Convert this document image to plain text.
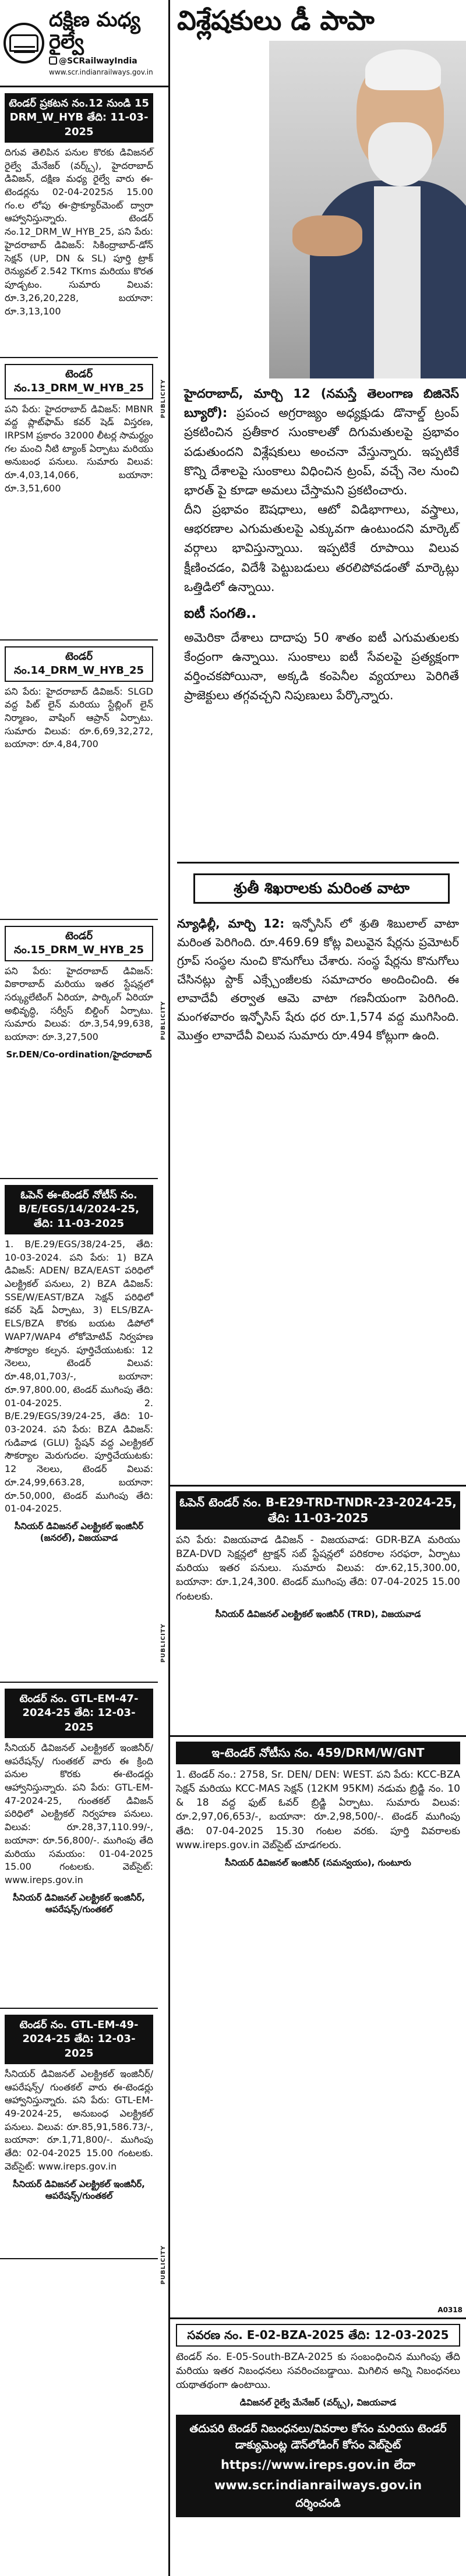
దక్షిణ మధ్య రైల్వే
@SCRailwayIndia
www.scr.indianrailways.gov.in
PUBLICITY
PUBLICITY
PUBLICITY
PUBLICITY
టెండర్ ప్రకటన నం.12 నుండి 15 DRM_W_HYB తేది: 11-03-2025
దిగువ తెలిపిన పనుల కొరకు డివిజనల్ రైల్వే మేనేజర్ (వర్క్స్), హైదరాబాద్ డివిజన్, దక్షిణ మధ్య రైల్వే వారు ఈ-టెండర్లను 02-04-2025న 15.00 గం.ల లోపు ఈ-ప్రొక్యూర్‌మెంట్ ద్వారా ఆహ్వానిస్తున్నారు. టెండర్ నం.12_DRM_W_HYB_25, పని పేరు: హైదరాబాద్ డివిజన్: సికింద్రాబాద్-డోన్ సెక్షన్ (UP, DN & SL) పూర్తి ట్రాక్ రెన్యువల్ 2.542 TKms మరియు కొరత పూడ్చటం. సుమారు విలువ: రూ.3,26,20,228, బయానా: రూ.3,13,100
టెండర్ నం.13_DRM_W_HYB_25
పని పేరు: హైదరాబాద్ డివిజన్: MBNR వద్ద ప్లాట్‌ఫామ్ కవర్ షెడ్ విస్తరణ, IRPSM ప్రకారం 32000 లీటర్ల సామర్థ్యం గల మంచి నీటి ట్యాంక్ ఏర్పాటు మరియు అనుబంధ పనులు. సుమారు విలువ: రూ.4,03,14,066, బయానా: రూ.3,51,600
టెండర్ నం.14_DRM_W_HYB_25
పని పేరు: హైదరాబాద్ డివిజన్: SLGD వద్ద పిట్ లైన్ మరియు స్టేబ్లింగ్ లైన్ నిర్మాణం, వాషింగ్ ఆప్రాన్ ఏర్పాటు. సుమారు విలువ: రూ.6,69,32,272, బయానా: రూ.4,84,700
టెండర్ నం.15_DRM_W_HYB_25
పని పేరు: హైదరాబాద్ డివిజన్: వికారాబాద్ మరియు ఇతర స్టేషన్లలో సర్క్యులేటింగ్ ఏరియా, పార్కింగ్ ఏరియా అభివృద్ధి, సర్వీస్ బిల్డింగ్ ఏర్పాటు. సుమారు విలువ: రూ.3,54,99,638, బయానా: రూ.3,27,500
Sr.DEN/Co-ordination/హైదరాబాద్
ఓపెన్ ఈ-టెండర్ నోటీస్ నం. B/E/EGS/14/2024-25, తేది: 11-03-2025
1. B/E.29/EGS/38/24-25, తేది: 10-03-2024. పని పేరు: 1) BZA డివిజన్: ADEN/ BZA/EAST పరిధిలో ఎలక్ట్రికల్ పనులు, 2) BZA డివిజన్: SSE/W/EAST/BZA సెక్షన్ పరిధిలో కవర్ షెడ్ ఏర్పాటు, 3) ELS/BZA-ELS/BZA కొరకు బయట డిపోలో WAP7/WAP4 లోకోమోటివ్ నిర్వహణ సౌకర్యాల కల్పన. పూర్తిచేయుటకు: 12 నెలలు, టెండర్ విలువ: రూ.48,01,703/-, బయానా: రూ.97,800.00, టెండర్ ముగింపు తేది: 01-04-2025. 2. B/E.29/EGS/39/24-25, తేది: 10-03-2024. పని పేరు: BZA డివిజన్: గుడివాడ (GLU) స్టేషన్ వద్ద ఎలక్ట్రికల్ సౌకర్యాల మెరుగుదల. పూర్తిచేయుటకు: 12 నెలలు, టెండర్ విలువ: రూ.24,99,663.28, బయానా: రూ.50,000, టెండర్ ముగింపు తేది: 01-04-2025.
సీనియర్ డివిజనల్ ఎలక్ట్రికల్ ఇంజినీర్ (జనరల్), విజయవాడ
టెండర్ నం. GTL-EM-47-2024-25 తేది: 12-03-2025
సీనియర్ డివిజనల్ ఎలక్ట్రికల్ ఇంజినీర్/ ఆపరేషన్స్/ గుంతకల్ వారు ఈ క్రింది పనుల కొరకు ఈ-టెండర్లు ఆహ్వానిస్తున్నారు. పని పేరు: GTL-EM-47-2024-25, గుంతకల్ డివిజన్ పరిధిలో ఎలక్ట్రికల్ నిర్వహణ పనులు. విలువ: రూ.28,37,110.99/-, బయానా: రూ.56,800/-. ముగింపు తేది మరియు సమయం: 01-04-2025 15.00 గంటలకు. వెబ్‌సైట్: www.ireps.gov.in
సీనియర్ డివిజనల్ ఎలక్ట్రికల్ ఇంజినీర్, ఆపరేషన్స్/గుంతకల్
టెండర్ నం. GTL-EM-49-2024-25 తేది: 12-03-2025
సీనియర్ డివిజనల్ ఎలక్ట్రికల్ ఇంజినీర్/ ఆపరేషన్స్/ గుంతకల్ వారు ఈ-టెండర్లు ఆహ్వానిస్తున్నారు. పని పేరు: GTL-EM-49-2024-25, అనుబంధ ఎలక్ట్రికల్ పనులు. విలువ: రూ.85,91,586.73/-, బయానా: రూ.1,71,800/-. ముగింపు తేది: 02-04-2025 15.00 గంటలకు. వెబ్‌సైట్: www.ireps.gov.in
సీనియర్ డివిజనల్ ఎలక్ట్రికల్ ఇంజినీర్, ఆపరేషన్స్/గుంతకల్
విశ్లేషకులు డీ పాపా

హైదరాబాద్, మార్చి 12 (నమస్తే తెలంగాణ బిజినెస్ బ్యూరో): ప్రపంచ అగ్రరాజ్యం అధ్యక్షుడు డొనాల్డ్ ట్రంప్ ప్రకటించిన ప్రతీకార సుంకాలతో దిగుమతులపై ప్రభావం పడుతుందని విశ్లేషకులు అంచనా వేస్తున్నారు. ఇప్పటికే కొన్ని దేశాలపై సుంకాలు విధించిన ట్రంప్, వచ్చే నెల నుంచి భారత్ పై కూడా అమలు చేస్తామని ప్రకటించారు.

దీని ప్రభావం ఔషధాలు, ఆటో విడిభాగాలు, వస్త్రాలు, ఆభరణాల ఎగుమతులపై ఎక్కువగా ఉంటుందని మార్కెట్ వర్గాలు భావిస్తున్నాయి. ఇప్పటికే రూపాయి విలువ క్షీణించడం, విదేశీ పెట్టుబడులు తరలిపోవడంతో మార్కెట్లు ఒత్తిడిలో ఉన్నాయి.

ఐటీ సంగతి..

అమెరికా దేశాలు దాదాపు 50 శాతం ఐటీ ఎగుమతులకు కేంద్రంగా ఉన్నాయి. సుంకాలు ఐటీ సేవలపై ప్రత్యక్షంగా వర్తించకపోయినా, అక్కడి కంపెనీల వ్యయాలు పెరిగితే ప్రాజెక్టులు తగ్గవచ్చని నిపుణులు పేర్కొన్నారు.

శ్రుతీ శిఖరాలకు మరింత వాటా
న్యూఢిల్లీ, మార్చి 12: ఇన్ఫోసిస్ లో శ్రుతి శిబులాల్ వాటా మరింత పెరిగింది. రూ.469.69 కోట్ల విలువైన షేర్లను ప్రమోటర్ గ్రూప్ సంస్థల నుంచి కొనుగోలు చేశారు. సంస్థ షేర్లను కొనుగోలు చేసినట్లు స్టాక్ ఎక్స్చేంజీలకు సమాచారం అందించింది. ఈ లావాదేవీ తర్వాత ఆమె వాటా గణనీయంగా పెరిగింది. మంగళవారం ఇన్ఫోసిస్ షేరు ధర రూ.1,574 వద్ద ముగిసింది. మొత్తం లావాదేవీ విలువ సుమారు రూ.494 కోట్లుగా ఉంది.
ఓపెన్ టెండర్ నం. B-E29-TRD-TNDR-23-2024-25, తేది: 11-03-2025
పని పేరు: విజయవాడ డివిజన్ - విజయవాడ: GDR-BZA మరియు BZA-DVD సెక్షన్లలో ట్రాక్షన్ సబ్ స్టేషన్లలో పరికరాల సరఫరా, ఏర్పాటు మరియు ఇతర పనులు. సుమారు విలువ: రూ.62,15,300.00, బయానా: రూ.1,24,300. టెండర్ ముగింపు తేది: 07-04-2025 15.00 గంటలకు.
సీనియర్ డివిజనల్ ఎలక్ట్రికల్ ఇంజినీర్ (TRD), విజయవాడ
ఇ-టెండర్ నోటీసు నం. 459/DRM/W/GNT
1. టెండర్ నం.: 2758, Sr. DEN/ DEN: WEST. పని పేరు: KCC-BZA సెక్షన్ మరియు KCC-MAS సెక్షన్ (12KM 95KM) నడుమ బ్రిడ్జి నం. 10 & 18 వద్ద ఫుట్ ఓవర్ బ్రిడ్జి ఏర్పాటు. సుమారు విలువ: రూ.2,97,06,653/-, బయానా: రూ.2,98,500/-. టెండర్ ముగింపు తేది: 07-04-2025 15.30 గంటల వరకు. పూర్తి వివరాలకు www.ireps.gov.in వెబ్‌సైట్ చూడగలరు.
సీనియర్ డివిజనల్ ఇంజినీర్ (సమన్వయం), గుంటూరు
A0318
సవరణ నం. E-02-BZA-2025 తేది: 12-03-2025
టెండర్ నం. E-05-South-BZA-2025 కు సంబంధించిన ముగింపు తేది మరియు ఇతర నిబంధనలు సవరించబడ్డాయి. మిగిలిన అన్ని నిబంధనలు యథాతథంగా ఉంటాయి.
డివిజనల్ రైల్వే మేనేజర్ (వర్క్స్), విజయవాడ
తదుపరి టెండర్ నిబంధనలు/వివరాల కోసం మరియు టెండర్ డాక్యుమెంట్ల డౌన్‌లోడింగ్ కోసం వెబ్‌సైట్
https://www.ireps.gov.in లేదా
www.scr.indianrailways.gov.in
దర్శించండి
